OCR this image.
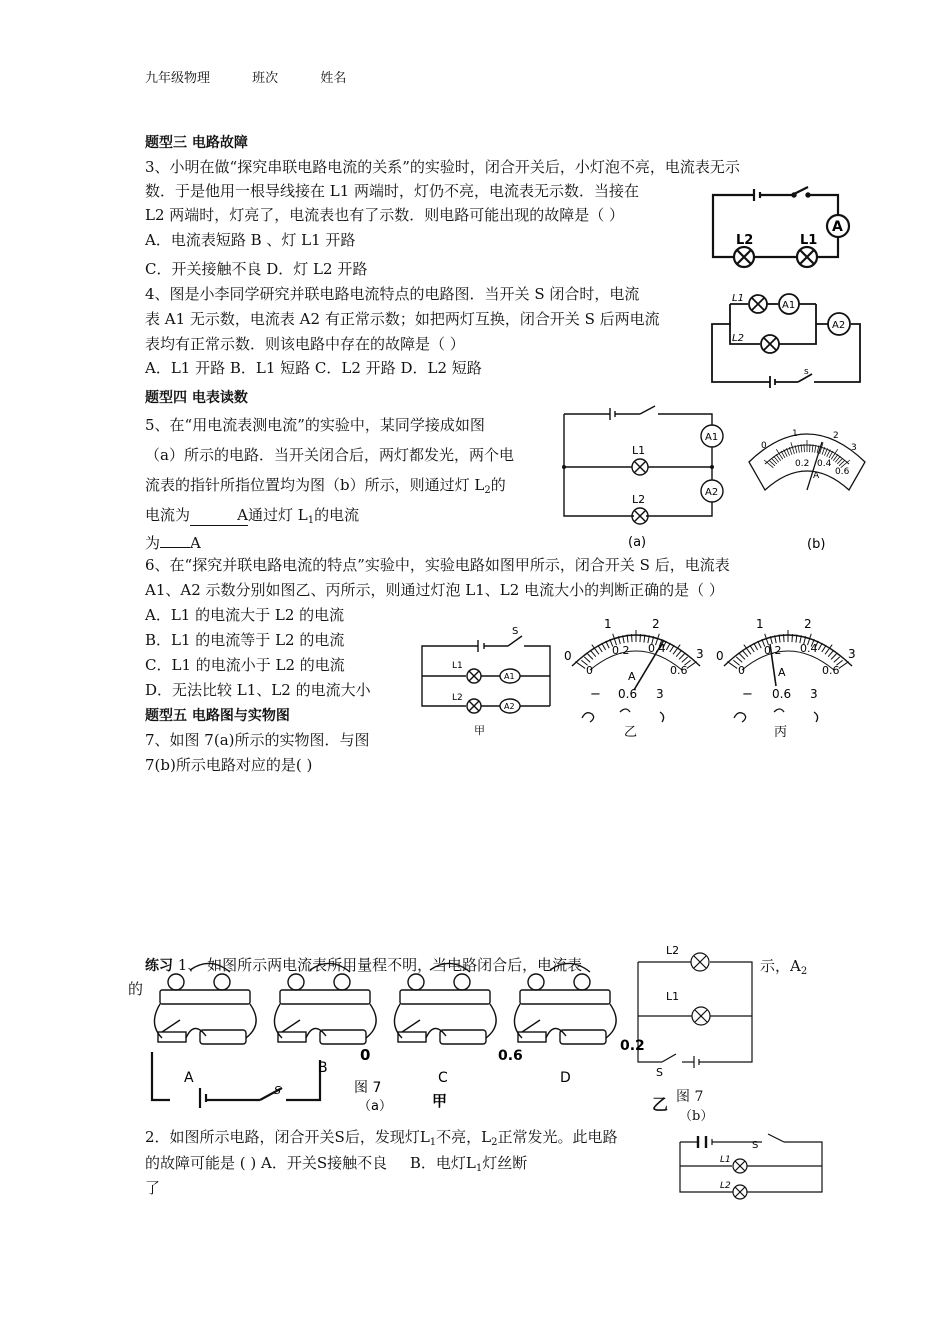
九年级物理	班次	姓名
题型三 电路故障
3、小明在做“探究串联电路电流的关系”的实验时，闭合开关后，小灯泡不亮，电流表无示
数．于是他用一根导线接在 L1 两端时，灯仍不亮，电流表无示数．当接在
L2 两端时，灯亮了，电流表也有了示数．则电路可能出现的故障是（ ）
A．电流表短路 B 、灯 L1 开路
C．开关接触不良 D．灯 L2 开路
4、图是小李同学研究并联电路电流特点的电路图．当开关 S 闭合时，电流
表 A1 无示数，电流表 A2 有正常示数；如把两灯互换，闭合开关 S 后两电流
表均有正常示数．则该电路中存在的故障是（ ）
A．L1 开路 B．L1 短路 C．L2 开路 D．L2 短路
题型四 电表读数
5、在“用电流表测电流”的实验中，某同学接成如图
（a）所示的电路．当开关闭合后，两灯都发光，两个电
流表的指针所指位置均为图（b）所示，则通过灯 $L_2$的
电流为	A通过灯 $L_1$的电流
为 A
6、在“探究并联电路电流的特点”实验中，实验电路如图甲所示，闭合开关 S 后，电流表
A1、A2 示数分别如图乙、丙所示，则通过灯泡 L1、L2 电流大小的判断正确的是（ ）
A．L1 的电流大于 L2 的电流
B．L1 的电流等于 L2 的电流
C．L1 的电流小于 L2 的电流
D．无法比较 L1、L2 的电流大小
题型五 电路图与实物图
7、如图 7(a)所示的实物图．与图
7(b)所示电路对应的是( )
练习 1、 如图所示两电流表所用量程不明，当电路闭合后，电流表	示，$A_2$
的
2．如图所示电路，闭合开关S后，发现灯$L_1$不亮，$L_2$正常发光。此电路
的故障可能是 ( ) A．开关S接触不良 B．电灯$L_1$灯丝断
了
A
L2	L1
L1
L2
A1
A2
s
L1
L2
A1
A2
(a)
0
1	2
3
0.2 0.4
0.6
A
(b)
S
L1
L2
A1
A2
甲
0
1	2
3
0
0.2 0.4
0.6
A
− 0.6 3
乙
0
1	2
3
0
0.2 0.4
0.6
A
− 0.6 3
丙
L2
L1
S
A
B
C	D
图 7
（a）
S
0	0.6
甲
0.2
图 7
（b）
乙
S
L1
L2
